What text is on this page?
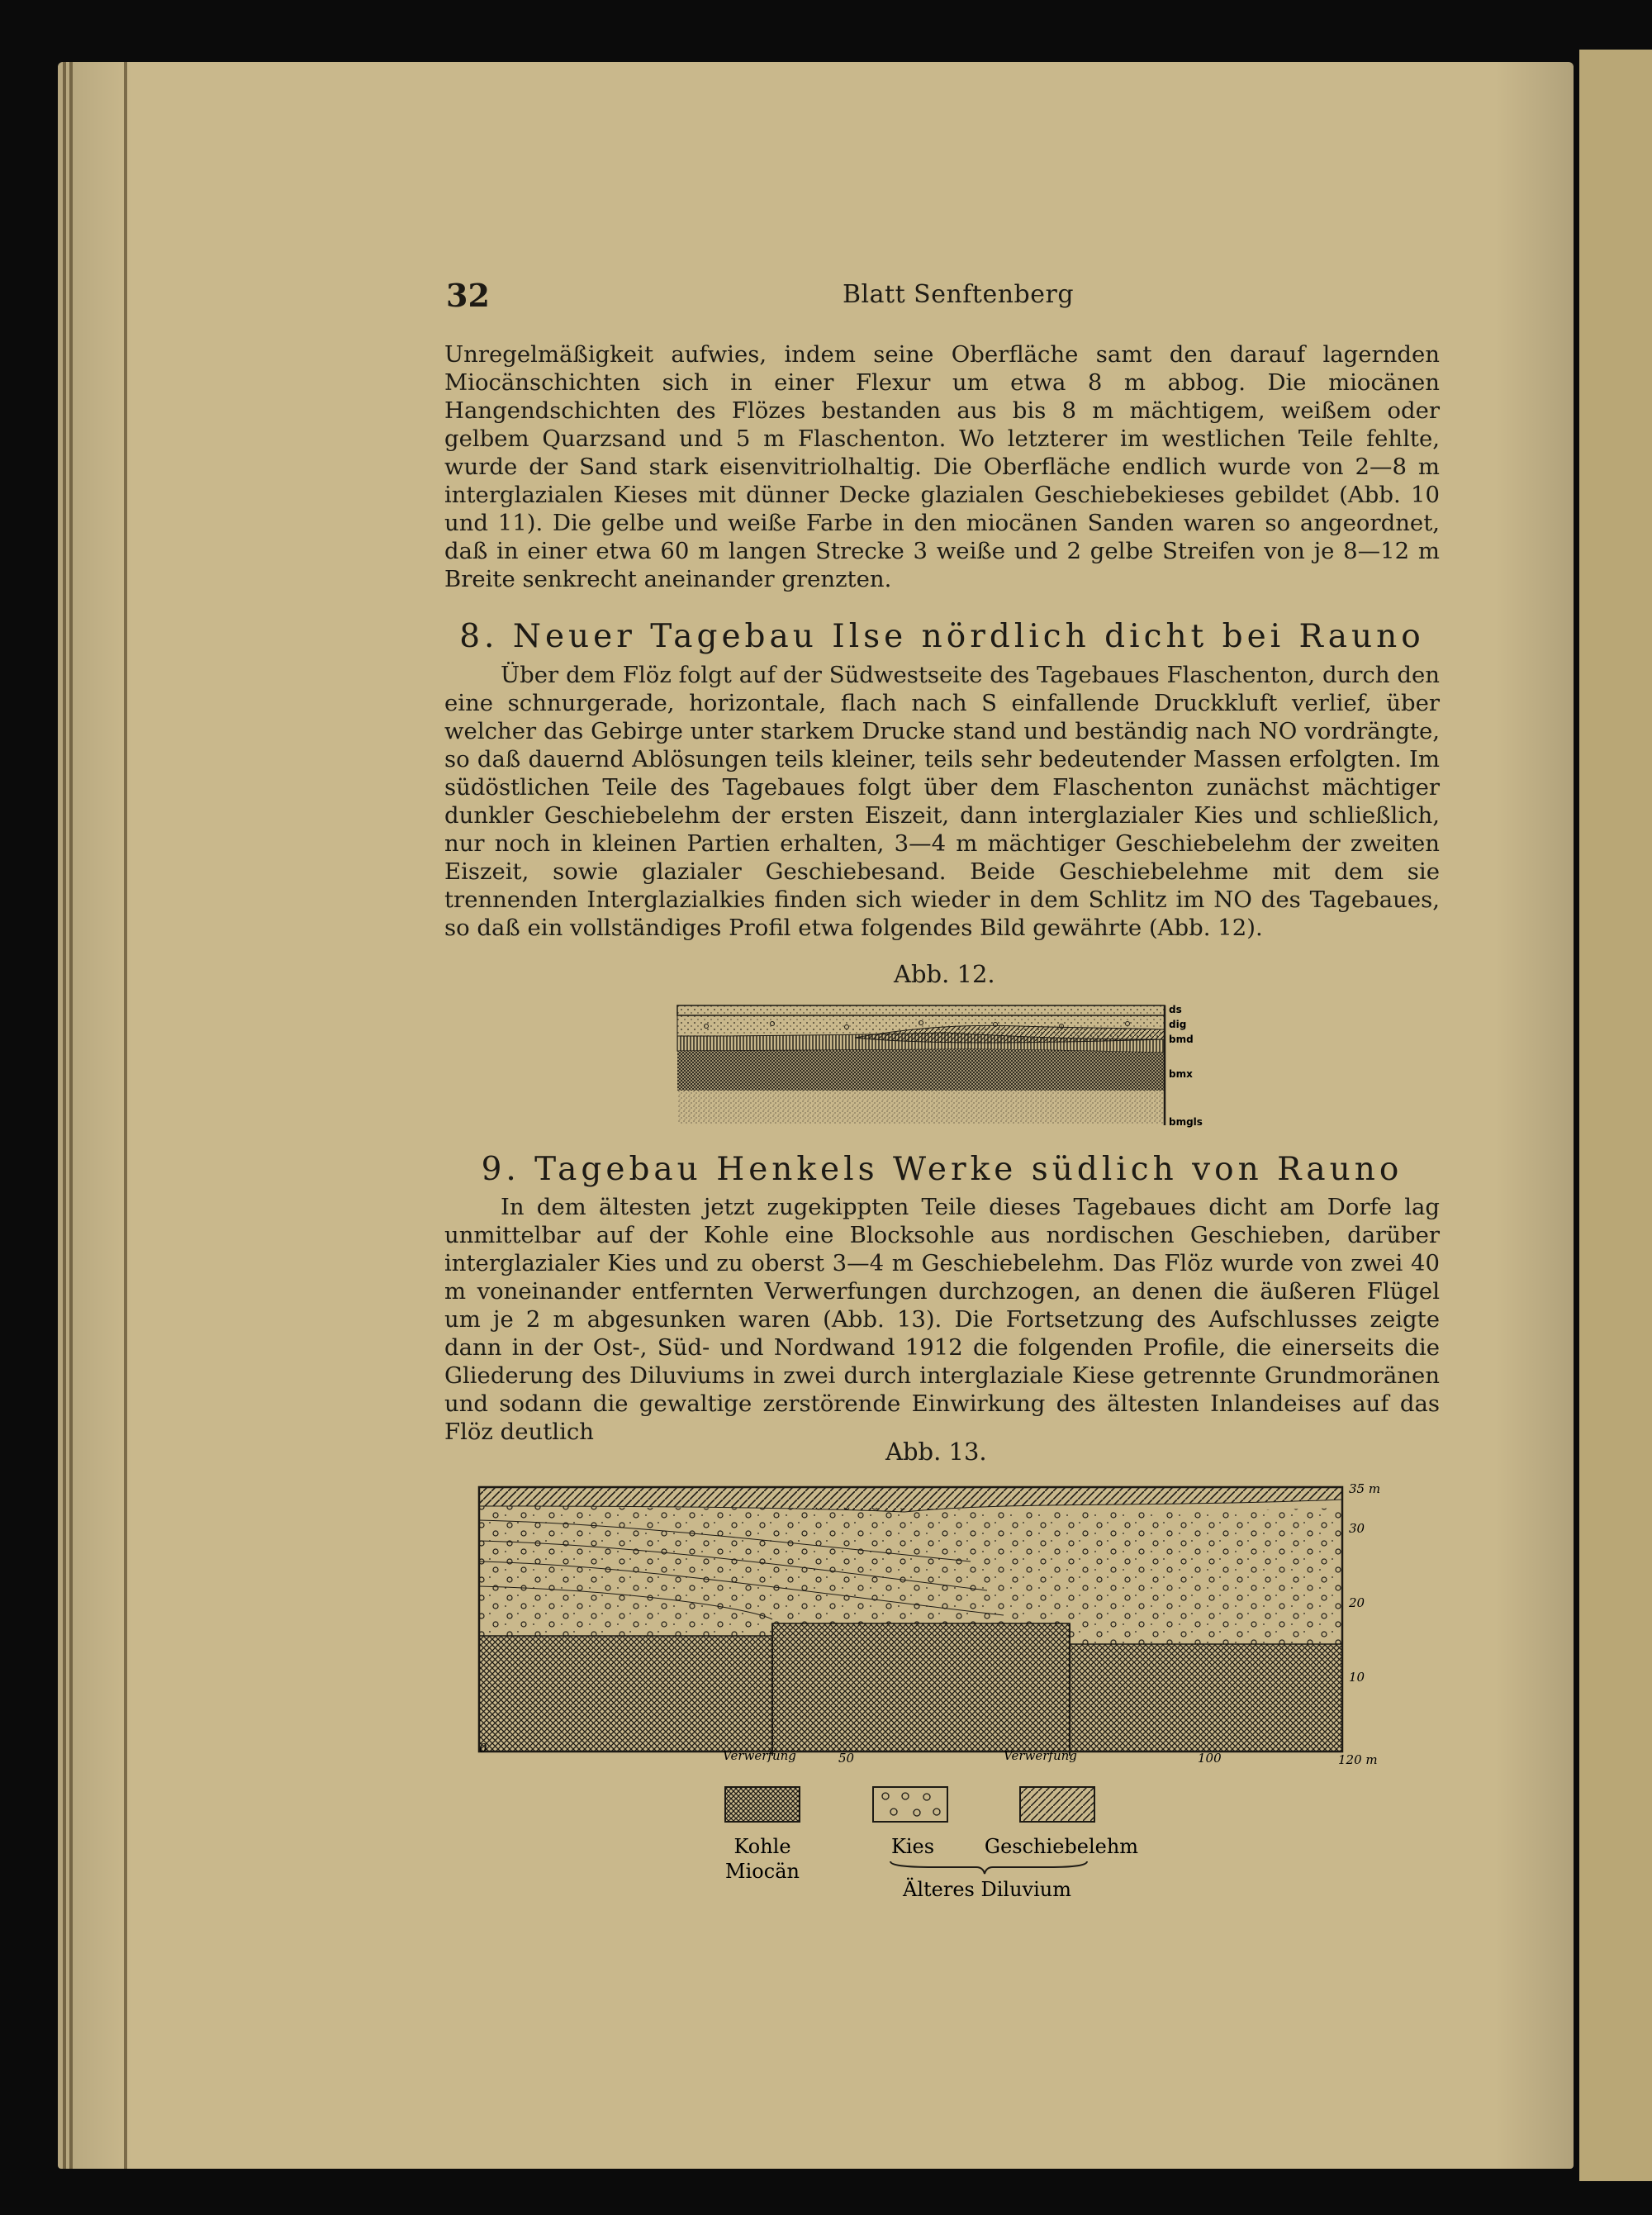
32	Blatt Senftenberg

Unregelmäßigkeit aufwies, indem seine Oberfläche samt den darauf lagernden Miocänschichten sich in einer Flexur um etwa 8 m abbog. Die miocänen Hangendschichten des Flözes bestanden aus bis 8 m mächtigem, weißem oder gelbem Quarzsand und 5 m Flaschenton. Wo letzterer im westlichen Teile fehlte, wurde der Sand stark eisenvitriolhaltig. Die Oberfläche endlich wurde von 2—8 m interglazialen Kieses mit dünner Decke glazialen Geschiebekieses gebildet (Abb. 10 und 11). Die gelbe und weiße Farbe in den miocänen Sanden waren so angeordnet, daß in einer etwa 60 m langen Strecke 3 weiße und 2 gelbe Streifen von je 8—12 m Breite senkrecht aneinander grenzten.

8. Neuer Tagebau Ilse nördlich dicht bei Rauno

Über dem Flöz folgt auf der Südwestseite des Tagebaues Flaschenton, durch den eine schnurgerade, horizontale, flach nach S einfallende Druckkluft verlief, über welcher das Gebirge unter starkem Drucke stand und beständig nach NO vordrängte, so daß dauernd Ablösungen teils kleiner, teils sehr bedeutender Massen erfolgten. Im südöstlichen Teile des Tagebaues folgt über dem Flaschenton zunächst mächtiger dunkler Geschiebelehm der ersten Eiszeit, dann interglazialer Kies und schließlich, nur noch in kleinen Partien erhalten, 3—4 m mächtiger Geschiebelehm der zweiten Eiszeit, sowie glazialer Geschiebesand. Beide Geschiebelehme mit dem sie trennenden Interglazialkies finden sich wieder in dem Schlitz im NO des Tagebaues, so daß ein vollständiges Profil etwa folgendes Bild gewährte (Abb. 12).

Abb. 12.
ds
dig
bmd
bmx
bmgls
9. Tagebau Henkels Werke südlich von Rauno

In dem ältesten jetzt zugekippten Teile dieses Tagebaues dicht am Dorfe lag unmittelbar auf der Kohle eine Blocksohle aus nordischen Geschieben, darüber interglazialer Kies und zu oberst 3—4 m Geschiebelehm. Das Flöz wurde von zwei 40 m voneinander entfernten Verwerfungen durchzogen, an denen die äußeren Flügel um je 2 m abgesunken waren (Abb. 13). Die Fortsetzung des Aufschlusses zeigte dann in der Ost-, Süd- und Nordwand 1912 die folgenden Profile, die einerseits die Gliederung des Diluviums in zwei durch interglaziale Kiese getrennte Grundmoränen und sodann die gewaltige zerstörende Einwirkung des ältesten Inlandeises auf das Flöz deutlich

Abb. 13.
35 m
30
20
10
0
50	100	120 m
Verwerfung	Verwerfung
Kohle
Miocän
Kies	Geschiebelehm
Älteres Diluvium
